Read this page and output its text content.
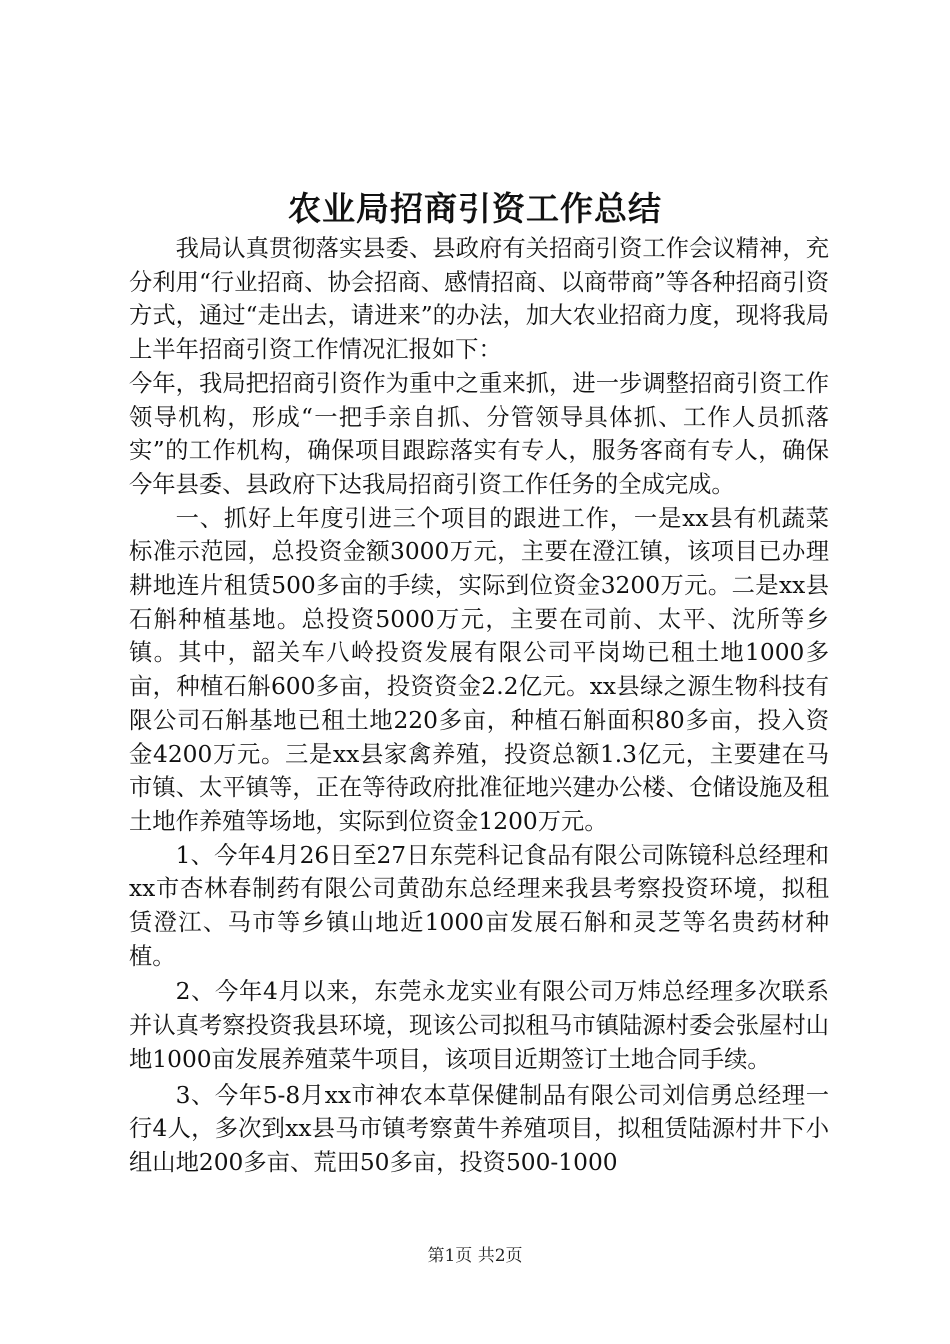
农业局招商引资工作总结

我局认真贯彻落实县委、县政府有关招商引资工作会议精神，充分利用“行业招商、协会招商、感情招商、以商带商”等各种招商引资方式，通过“走出去，请进来”的办法，加大农业招商力度，现将我局上半年招商引资工作情况汇报如下：

今年，我局把招商引资作为重中之重来抓，进一步调整招商引资工作领导机构，形成“一把手亲自抓、分管领导具体抓、工作人员抓落实”的工作机构，确保项目跟踪落实有专人，服务客商有专人，确保今年县委、县政府下达我局招商引资工作任务的全成完成。

一、抓好上年度引进三个项目的跟进工作，一是xx县有机蔬菜标准示范园，总投资金额3000万元，主要在澄江镇，该项目已办理耕地连片租赁500多亩的手续，实际到位资金3200万元。二是xx县石斛种植基地。总投资5000万元，主要在司前、太平、沈所等乡镇。其中，韶关车八岭投资发展有限公司平岗坳已租土地1000多亩，种植石斛600多亩，投资资金2.2亿元。xx县绿之源生物科技有限公司石斛基地已租土地220多亩，种植石斛面积80多亩，投入资金4200万元。三是xx县家禽养殖，投资总额1.3亿元，主要建在马市镇、太平镇等，正在等待政府批准征地兴建办公楼、仓储设施及租土地作养殖等场地，实际到位资金1200万元。

1、今年4月26日至27日东莞科记食品有限公司陈镜科总经理和xx市杏林春制药有限公司黄劭东总经理来我县考察投资环境，拟租赁澄江、马市等乡镇山地近1000亩发展石斛和灵芝等名贵药材种植。

2、今年4月以来，东莞永龙实业有限公司万炜总经理多次联系并认真考察投资我县环境，现该公司拟租马市镇陆源村委会张屋村山地1000亩发展养殖菜牛项目，该项目近期签订土地合同手续。

3、今年5-8月xx市神农本草保健制品有限公司刘信勇总经理一行4人，多次到xx县马市镇考察黄牛养殖项目，拟租赁陆源村井下小组山地200多亩、荒田50多亩，投资500-1000

第1页 共2页
